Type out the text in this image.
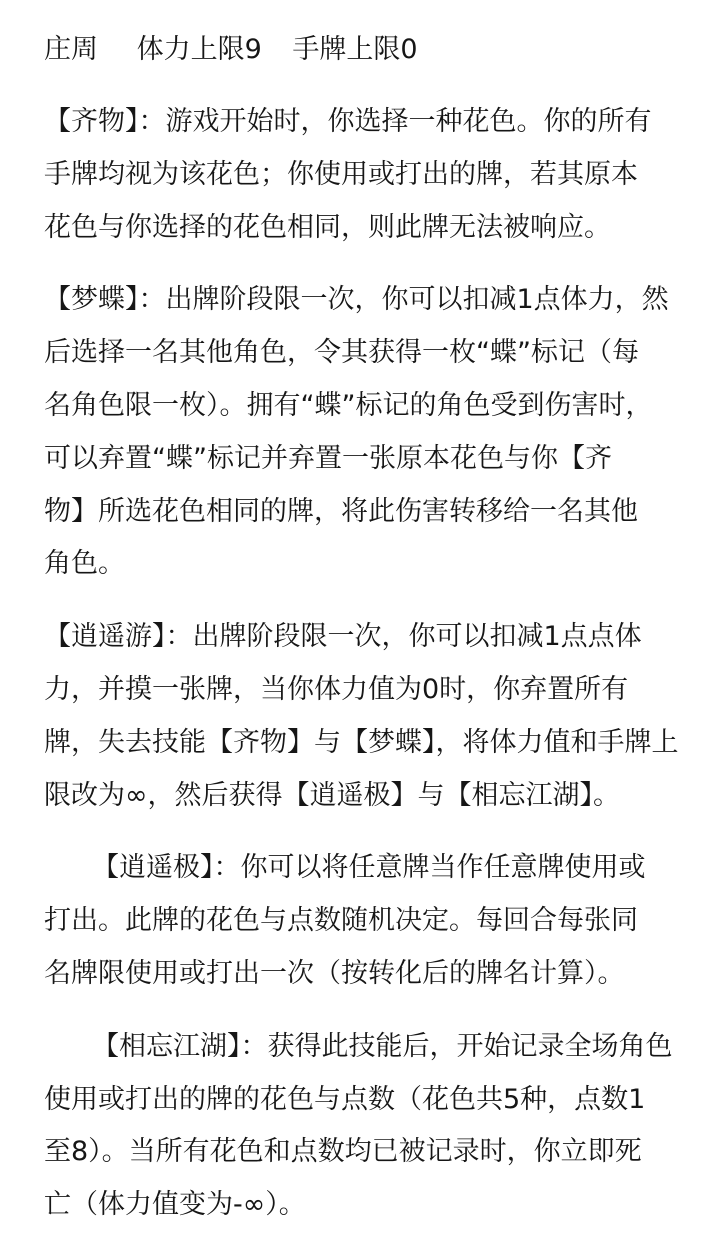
庄周 体力上限9 手牌上限0
【齐物】：游戏开始时，你选择一种花色。你的所有
手牌均视为该花色；你使用或打出的牌，若其原本
花色与你选择的花色相同，则此牌无法被响应。
【梦蝶】：出牌阶段限一次，你可以扣减1点体力，然
后选择一名其他角色，令其获得一枚“蝶”标记（每
名角色限一枚）。拥有“蝶”标记的角色受到伤害时，
可以弃置“蝶”标记并弃置一张原本花色与你【齐
物】所选花色相同的牌，将此伤害转移给一名其他
角色。
【逍遥游】：出牌阶段限一次，你可以扣减1点点体
力，并摸一张牌，当你体力值为0时，你弃置所有
牌，失去技能【齐物】与【梦蝶】，将体力值和手牌上
限改为∞，然后获得【逍遥极】与【相忘江湖】。
【逍遥极】：你可以将任意牌当作任意牌使用或
打出。此牌的花色与点数随机决定。每回合每张同
名牌限使用或打出一次（按转化后的牌名计算）。
【相忘江湖】：获得此技能后，开始记录全场角色
使用或打出的牌的花色与点数（花色共5种，点数1
至8）。当所有花色和点数均已被记录时，你立即死
亡（体力值变为-∞）。
